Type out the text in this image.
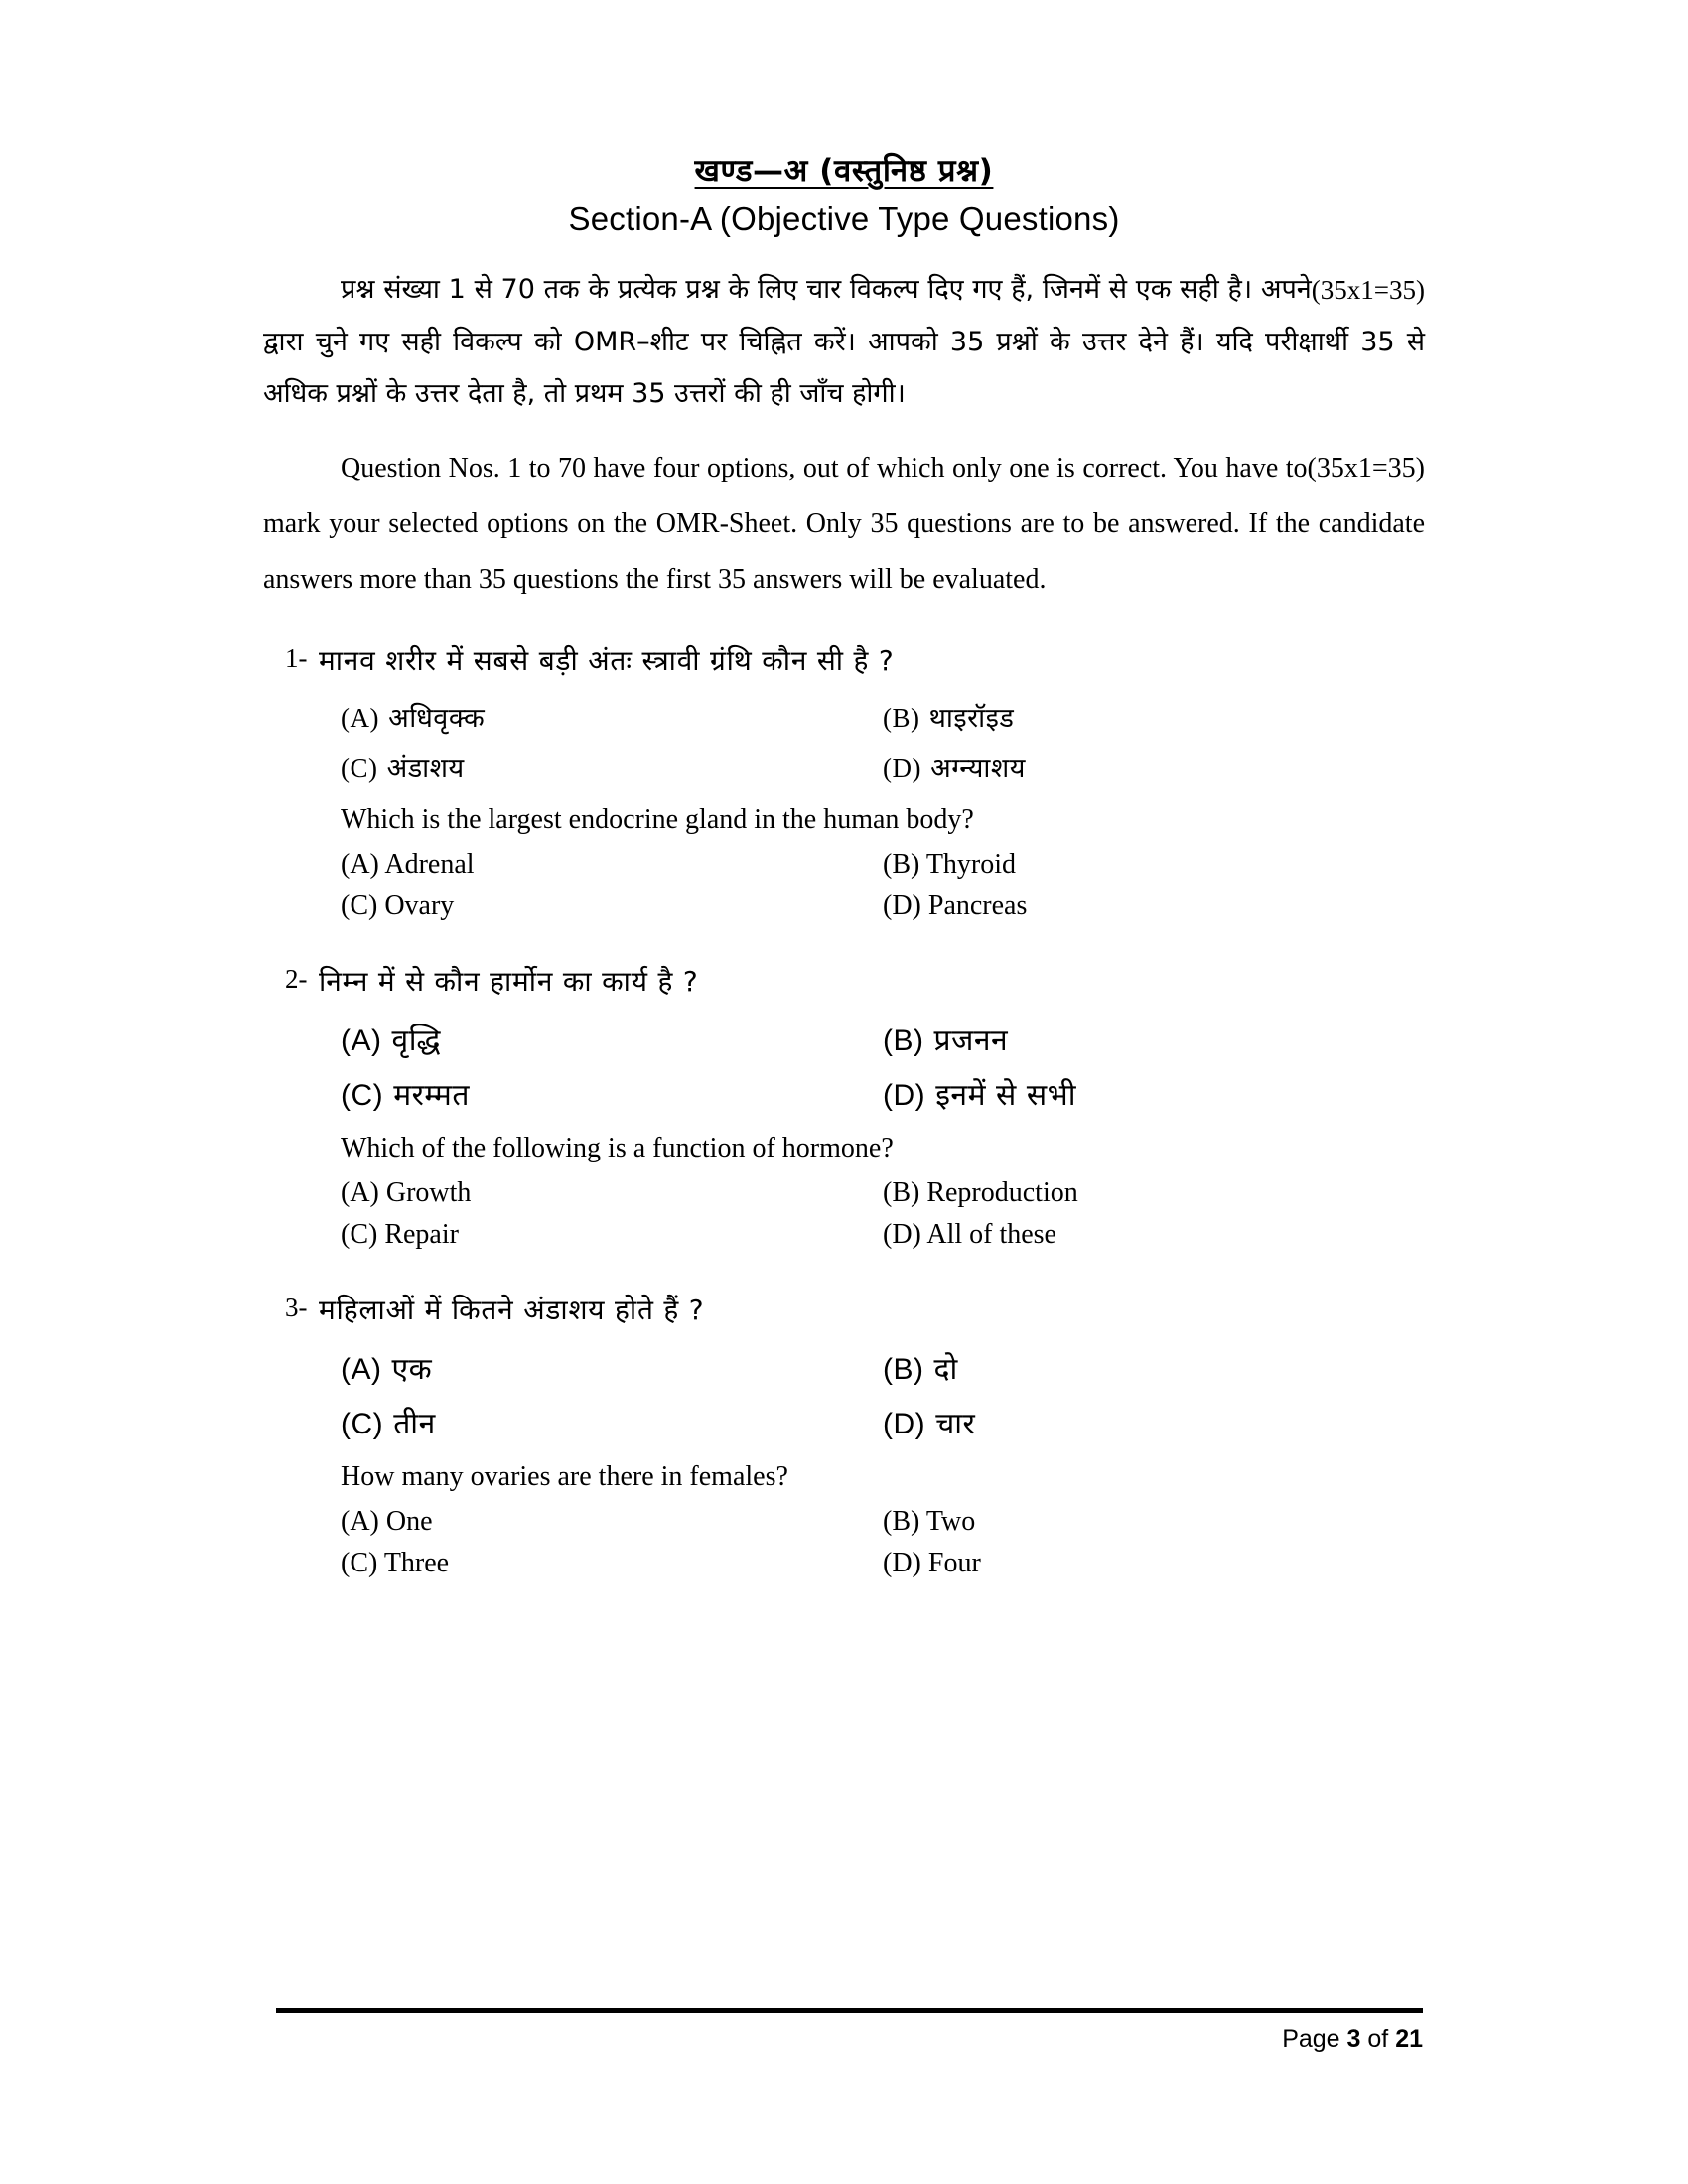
खण्ड—अ (वस्तुनिष्ठ प्रश्न)
Section-A (Objective Type Questions)

(35x1=35)
प्रश्न संख्या 1 से 70 तक के प्रत्येक प्रश्न के लिए चार विकल्प दिए गए हैं, जिनमें से एक सही है। अपने द्वारा चुने गए सही विकल्प को OMR–शीट पर चिह्नित करें। आपको 35 प्रश्नों के उत्तर देने हैं। यदि परीक्षार्थी 35 से अधिक प्रश्नों के उत्तर देता है, तो प्रथम 35 उत्तरों की ही जाँच होगी।

(35x1=35)
Question Nos. 1 to 70 have four options, out of which only one is correct. You have to mark your selected options on the OMR-Sheet. Only 35 questions are to be answered. If the candidate answers more than 35 questions the first 35 answers will be evaluated.

1- मानव शरीर में सबसे बड़ी अंतः स्त्रावी ग्रंथि कौन सी है ?
(A) अधिवृक्क	(B) थाइरॉइड
(C) अंडाशय	(D) अग्न्याशय
Which is the largest endocrine gland in the human body?
(A) Adrenal	(B) Thyroid
(C) Ovary	(D) Pancreas
2- निम्न में से कौन हार्मोन का कार्य है ?
(A) वृद्धि	(B) प्रजनन
(C) मरम्मत	(D) इनमें से सभी
Which of the following is a function of hormone?
(A) Growth	(B) Reproduction
(C) Repair	(D) All of these
3- महिलाओं में कितने अंडाशय होते हैं ?
(A) एक	(B) दो
(C) तीन	(D) चार
How many ovaries are there in females?
(A) One	(B) Two
(C) Three	(D) Four
Page 3 of 21
